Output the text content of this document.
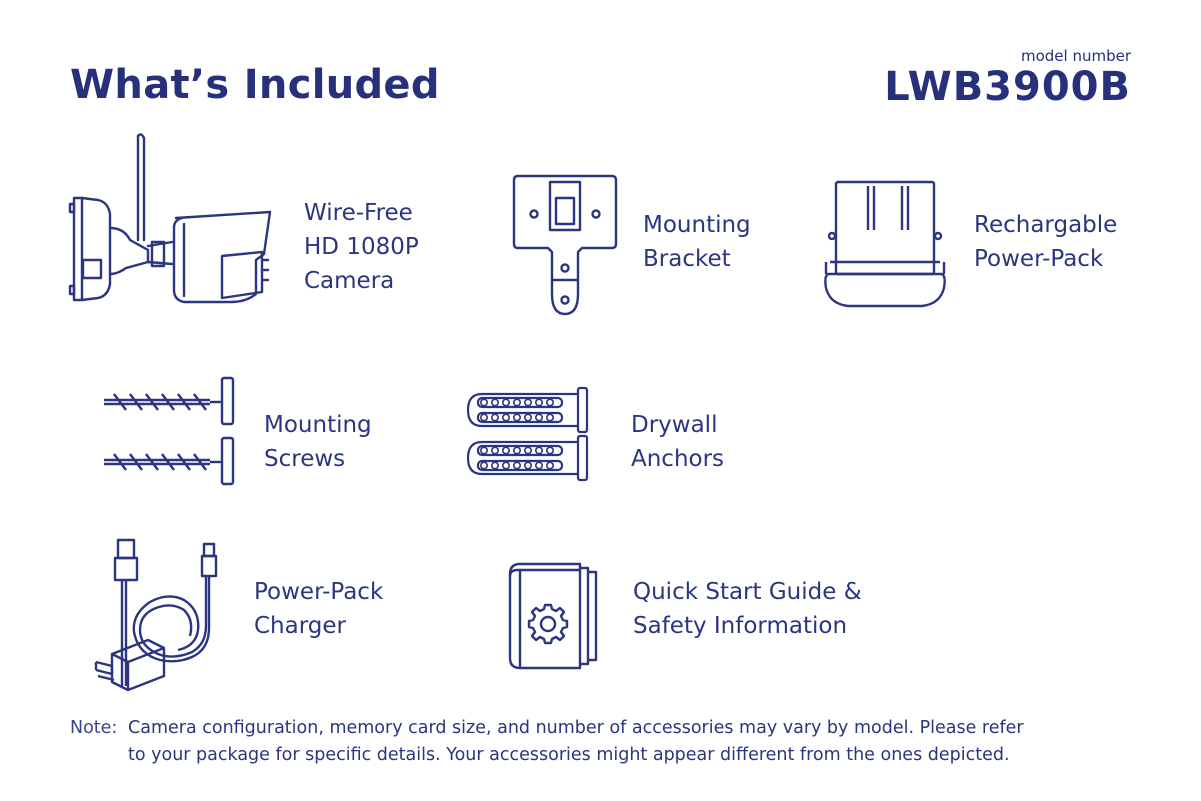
What’s Included
model number
LWB3900B
Wire-Free
HD 1080P
Camera
Mounting
Bracket
Rechargable
Power-Pack
Mounting
Screws
Drywall
Anchors
Power-Pack
Charger
Quick Start Guide &
Safety Information
Note: Camera configuration, memory card size, and number of accessories may vary by model. Please refer
to your package for specific details. Your accessories might appear different from the ones depicted.
